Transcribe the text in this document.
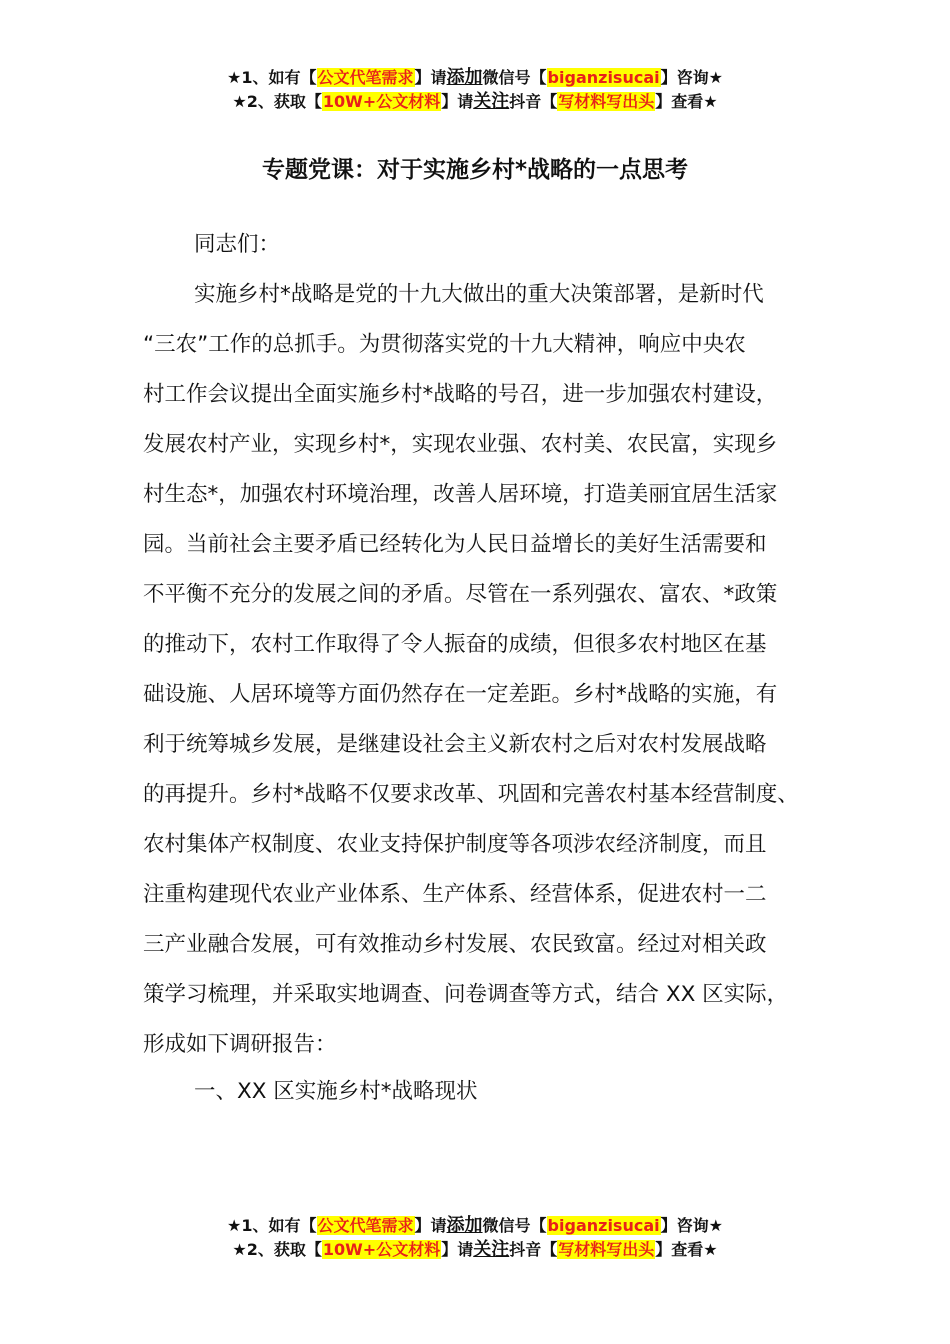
★1、如有【公文代笔需求】请添加微信号【biganzisucai】咨询★
★2、获取【10W+公文材料】请关注抖音【写材料写出头】查看★
专题党课：对于实施乡村*战略的一点思考

同志们：

实施乡村*战略是党的十九大做出的重大决策部署，是新时代
“三农”工作的总抓手。为贯彻落实党的十九大精神，响应中央农
村工作会议提出全面实施乡村*战略的号召，进一步加强农村建设，
发展农村产业，实现乡村*，实现农业强、农村美、农民富，实现乡
村生态*，加强农村环境治理，改善人居环境，打造美丽宜居生活家
园。当前社会主要矛盾已经转化为人民日益增长的美好生活需要和
不平衡不充分的发展之间的矛盾。尽管在一系列强农、富农、*政策
的推动下，农村工作取得了令人振奋的成绩，但很多农村地区在基
础设施、人居环境等方面仍然存在一定差距。乡村*战略的实施，有
利于统筹城乡发展，是继建设社会主义新农村之后对农村发展战略
的再提升。乡村*战略不仅要求改革、巩固和完善农村基本经营制度、
农村集体产权制度、农业支持保护制度等各项涉农经济制度，而且
注重构建现代农业产业体系、生产体系、经营体系，促进农村一二
三产业融合发展，可有效推动乡村发展、农民致富。经过对相关政
策学习梳理，并采取实地调查、问卷调查等方式，结合 XX 区实际，
形成如下调研报告：

一、XX 区实施乡村*战略现状

★1、如有【公文代笔需求】请添加微信号【biganzisucai】咨询★
★2、获取【10W+公文材料】请关注抖音【写材料写出头】查看★
